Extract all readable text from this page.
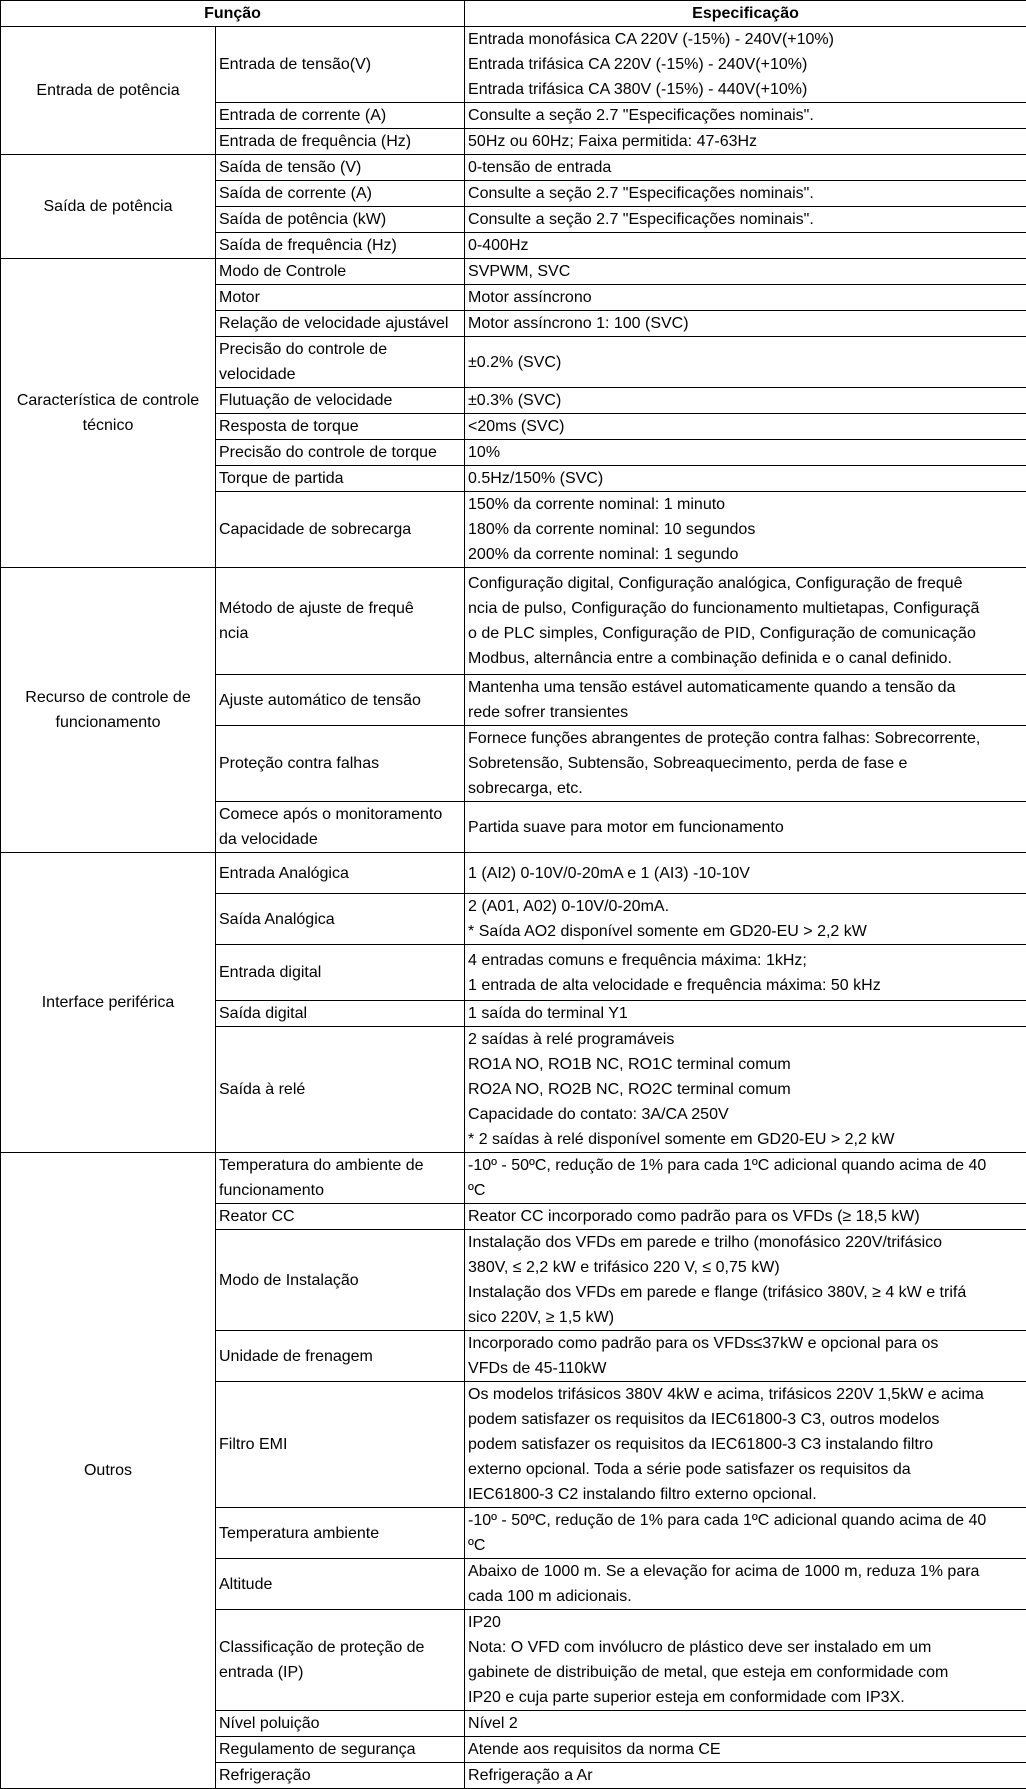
Função		Especificação
Entrada de potência	Entrada de tensão(V)	Entrada monofásica CA 220V (-15%) - 240V(+10%)
Entrada trifásica CA 220V (-15%) - 240V(+10%)
Entrada trifásica CA 380V (-15%) - 440V(+10%)

	Entrada de corrente (A)	Consulte a seção 2.7 "Especificações nominais".

	Entrada de frequência (Hz)	50Hz ou 60Hz; Faixa permitida: 47-63Hz

Saída de potência	Saída de tensão (V)	0-tensão de entrada

	Saída de corrente (A)	Consulte a seção 2.7 "Especificações nominais".

	Saída de potência (kW)	Consulte a seção 2.7 "Especificações nominais".

	Saída de frequência (Hz)	0-400Hz

Característica de controle
técnico	Modo de Controle	SVPWM, SVC

	Motor	Motor assíncrono

	Relação de velocidade ajustável	Motor assíncrono 1: 100 (SVC)

	Precisão do controle de
velocidade	±0.2% (SVC)

	Flutuação de velocidade	±0.3% (SVC)

	Resposta de torque	<20ms (SVC)

	Precisão do controle de torque	10%

	Torque de partida	0.5Hz/150% (SVC)

	Capacidade de sobrecarga	150% da corrente nominal: 1 minuto
180% da corrente nominal: 10 segundos
200% da corrente nominal: 1 segundo

Recurso de controle de
funcionamento	Método de ajuste de frequê
ncia	Configuração digital, Configuração analógica, Configuração de frequê
ncia de pulso, Configuração do funcionamento multietapas, Configuraçã
o de PLC simples, Configuração de PID, Configuração de comunicação
Modbus, alternância entre a combinação definida e o canal definido.

	Ajuste automático de tensão	Mantenha uma tensão estável automaticamente quando a tensão da
rede sofrer transientes

	Proteção contra falhas	Fornece funções abrangentes de proteção contra falhas: Sobrecorrente,
Sobretensão, Subtensão, Sobreaquecimento, perda de fase e
sobrecarga, etc.

	Comece após o monitoramento
da velocidade	Partida suave para motor em funcionamento

Interface periférica	Entrada Analógica	1 (AI2) 0-10V/0-20mA e 1 (AI3) -10-10V

	Saída Analógica	2 (A01, A02) 0-10V/0-20mA.
* Saída AO2 disponível somente em GD20-EU > 2,2 kW

	Entrada digital	4 entradas comuns e frequência máxima: 1kHz;
1 entrada de alta velocidade e frequência máxima: 50 kHz

	Saída digital	1 saída do terminal Y1

	Saída à relé	2 saídas à relé programáveis
RO1A NO, RO1B NC, RO1C terminal comum
RO2A NO, RO2B NC, RO2C terminal comum
Capacidade do contato: 3A/CA 250V
* 2 saídas à relé disponível somente em GD20-EU > 2,2 kW

Outros	Temperatura do ambiente de
funcionamento	-10º - 50ºC, redução de 1% para cada 1ºC adicional quando acima de 40
ºC

	Reator CC	Reator CC incorporado como padrão para os VFDs (≥ 18,5 kW)

	Modo de Instalação	Instalação dos VFDs em parede e trilho (monofásico 220V/trifásico
380V, ≤ 2,2 kW e trifásico 220 V, ≤ 0,75 kW)
Instalação dos VFDs em parede e flange (trifásico 380V, ≥ 4 kW e trifá
sico 220V, ≥ 1,5 kW)

	Unidade de frenagem	Incorporado como padrão para os VFDs≤37kW e opcional para os
VFDs de 45-110kW

	Filtro EMI	Os modelos trifásicos 380V 4kW e acima, trifásicos 220V 1,5kW e acima
podem satisfazer os requisitos da IEC61800-3 C3, outros modelos
podem satisfazer os requisitos da IEC61800-3 C3 instalando filtro
externo opcional. Toda a série pode satisfazer os requisitos da
IEC61800-3 C2 instalando filtro externo opcional.

	Temperatura ambiente	-10º - 50ºC, redução de 1% para cada 1ºC adicional quando acima de 40
ºC

	Altitude	Abaixo de 1000 m. Se a elevação for acima de 1000 m, reduza 1% para
cada 100 m adicionais.

	Classificação de proteção de
entrada (IP)	IP20
Nota: O VFD com invólucro de plástico deve ser instalado em um
gabinete de distribuição de metal, que esteja em conformidade com
IP20 e cuja parte superior esteja em conformidade com IP3X.

	Nível poluição	Nível 2

	Regulamento de segurança	Atende aos requisitos da norma CE

	Refrigeração	Refrigeração a Ar
